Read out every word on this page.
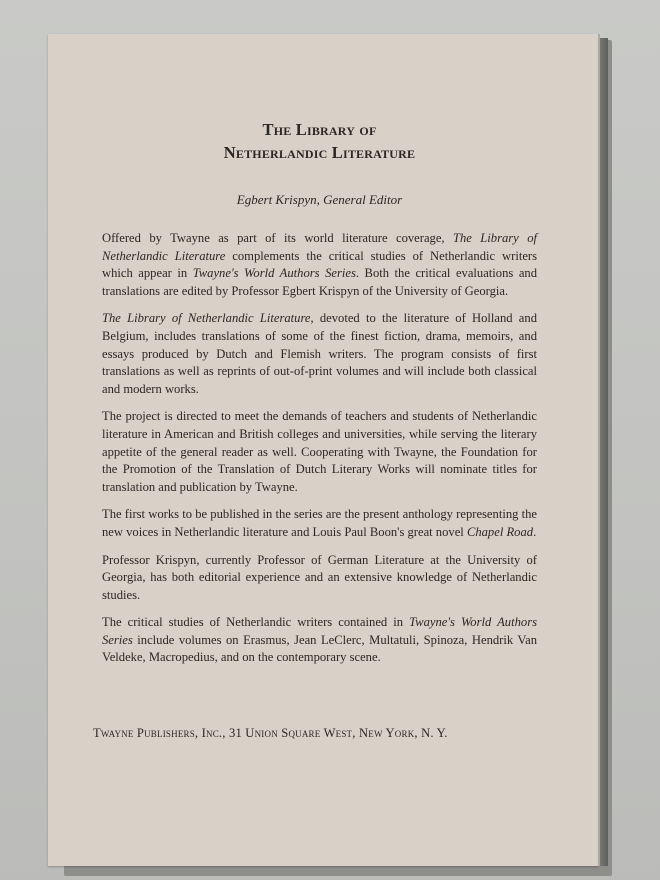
The Library of
Netherlandic Literature

Egbert Krispyn, General Editor

Offered by Twayne as part of its world literature coverage, The Library of Netherlandic Literature complements the critical studies of Netherlandic writers which appear in Twayne's World Authors Series. Both the critical evaluations and translations are edited by Professor Egbert Krispyn of the University of Georgia.

The Library of Netherlandic Literature, devoted to the literature of Holland and Belgium, includes translations of some of the finest fiction, drama, memoirs, and essays produced by Dutch and Flemish writers. The program consists of first translations as well as reprints of out-of-print volumes and will include both classical and modern works.

The project is directed to meet the demands of teachers and students of Netherlandic literature in American and British colleges and universities, while serving the literary appetite of the general reader as well. Cooperating with Twayne, the Foundation for the Promotion of the Translation of Dutch Literary Works will nominate titles for translation and publication by Twayne.

The first works to be published in the series are the present anthology representing the new voices in Netherlandic literature and Louis Paul Boon's great novel Chapel Road.

Professor Krispyn, currently Professor of German Literature at the University of Georgia, has both editorial experience and an extensive knowledge of Netherlandic studies.

The critical studies of Netherlandic writers contained in Twayne's World Authors Series include volumes on Erasmus, Jean LeClerc, Multatuli, Spinoza, Hendrik Van Veldeke, Macropedius, and on the contemporary scene.

Twayne Publishers, Inc., 31 Union Square West, New York, N. Y.
